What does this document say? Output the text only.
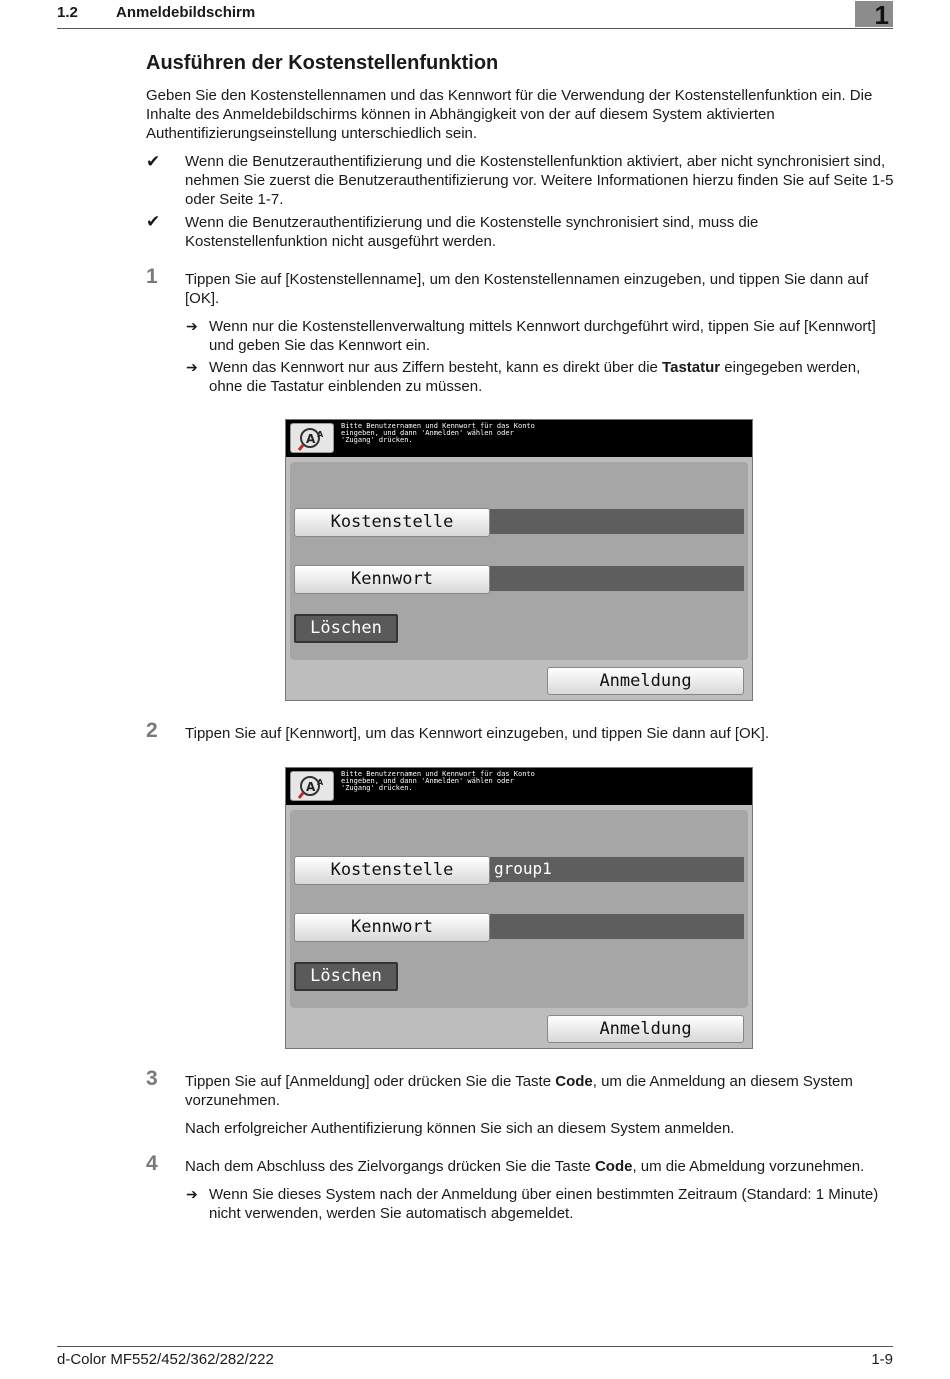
1.2	Anmeldebildschirm	1
Ausführen der Kostenstellenfunktion
Geben Sie den Kostenstellennamen und das Kennwort für die Verwendung der Kostenstellenfunktion ein. Die Inhalte des Anmeldebildschirms können in Abhängigkeit von der auf diesem System aktivierten Authentifizierungseinstellung unterschiedlich sein.
✔ Wenn die Benutzerauthentifizierung und die Kostenstellenfunktion aktiviert, aber nicht synchronisiert sind, nehmen Sie zuerst die Benutzerauthentifizierung vor. Weitere Informationen hierzu finden Sie auf Seite 1-5 oder Seite 1-7.
✔ Wenn die Benutzerauthentifizierung und die Kostenstelle synchronisiert sind, muss die Kostenstellenfunktion nicht ausgeführt werden.
1 Tippen Sie auf [Kostenstellenname], um den Kostenstellennamen einzugeben, und tippen Sie dann auf [OK].
➔ Wenn nur die Kostenstellenverwaltung mittels Kennwort durchgeführt wird, tippen Sie auf [Kennwort] und geben Sie das Kennwort ein.
➔ Wenn das Kennwort nur aus Ziffern besteht, kann es direkt über die Tastatur eingegeben werden, ohne die Tastatur einblenden zu müssen.
A A
Bitte Benutzernamen und Kennwort für das Konto
eingeben, und dann 'Anmelden' wählen oder
'Zugang' drücken.
Kostenstelle
Kennwort
Löschen
Anmeldung
2 Tippen Sie auf [Kennwort], um das Kennwort einzugeben, und tippen Sie dann auf [OK].
A A
Bitte Benutzernamen und Kennwort für das Konto
eingeben, und dann 'Anmelden' wählen oder
'Zugang' drücken.
Kostenstelle	group1
Kennwort
Löschen
Anmeldung
3 Tippen Sie auf [Anmeldung] oder drücken Sie die Taste Code, um die Anmeldung an diesem System vorzunehmen.
Nach erfolgreicher Authentifizierung können Sie sich an diesem System anmelden.
4 Nach dem Abschluss des Zielvorgangs drücken Sie die Taste Code, um die Abmeldung vorzunehmen.
➔ Wenn Sie dieses System nach der Anmeldung über einen bestimmten Zeitraum (Standard: 1 Minute) nicht verwenden, werden Sie automatisch abgemeldet.
d-Color MF552/452/362/282/222	1-9
